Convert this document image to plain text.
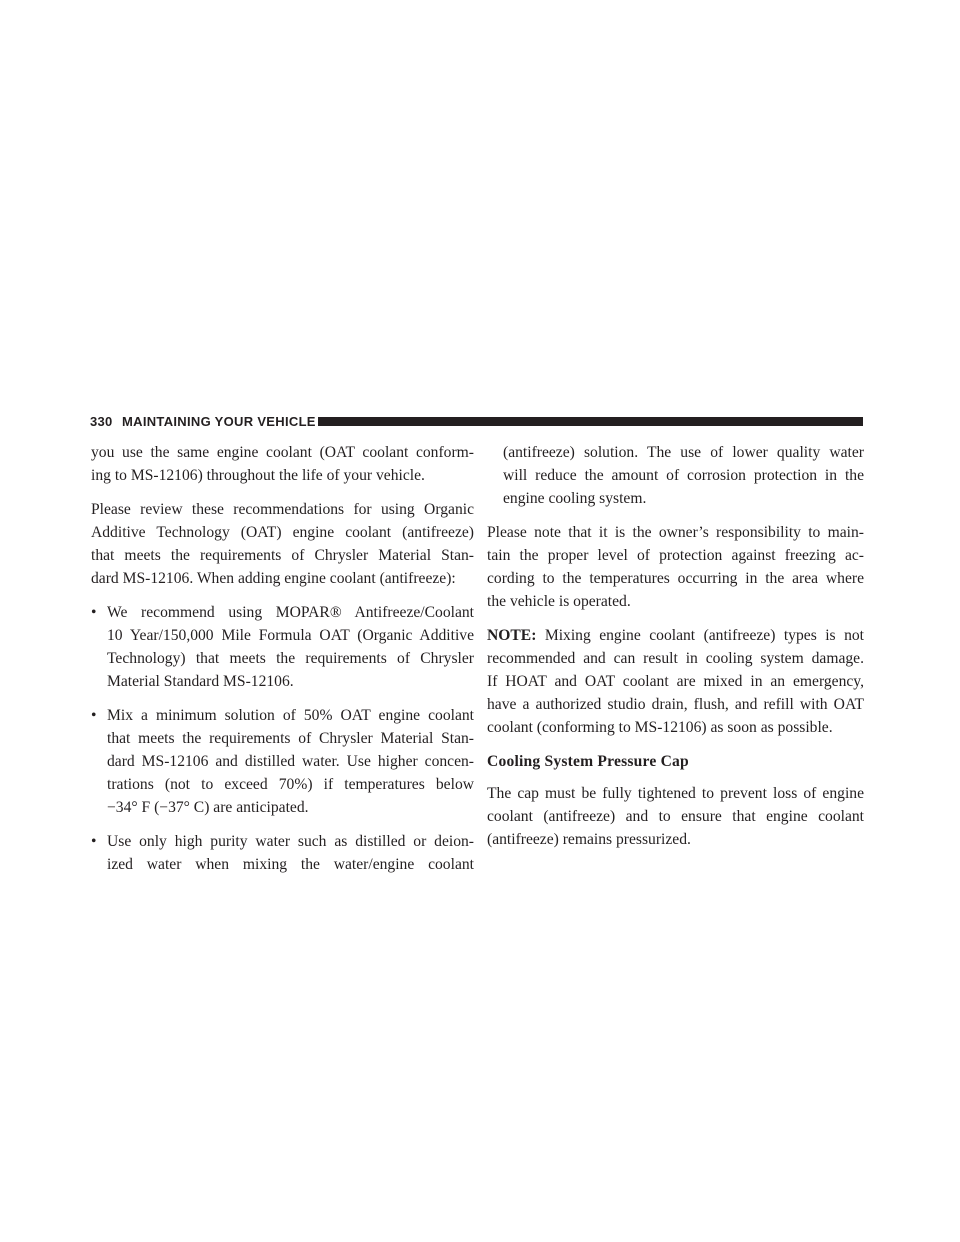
330 MAINTAINING YOUR VEHICLE

you use the same engine coolant (OAT coolant conform-
ing to MS-12106) throughout the life of your vehicle.

Please review these recommendations for using Organic
Additive Technology (OAT) engine coolant (antifreeze)
that meets the requirements of Chrysler Material Stan-
dard MS-12106. When adding engine coolant (antifreeze):

• We recommend using MOPAR® Antifreeze/Coolant
10 Year/150,000 Mile Formula OAT (Organic Additive
Technology) that meets the requirements of Chrysler
Material Standard MS-12106.
• Mix a minimum solution of 50% OAT engine coolant
that meets the requirements of Chrysler Material Stan-
dard MS-12106 and distilled water. Use higher concen-
trations (not to exceed 70%) if temperatures below
−34° F (−37° C) are anticipated.
• Use only high purity water such as distilled or deion-
ized water when mixing the water/engine coolant
(antifreeze) solution. The use of lower quality water
will reduce the amount of corrosion protection in the
engine cooling system.

Please note that it is the owner’s responsibility to main-
tain the proper level of protection against freezing ac-
cording to the temperatures occurring in the area where
the vehicle is operated.

NOTE: Mixing engine coolant (antifreeze) types is not
recommended and can result in cooling system damage.
If HOAT and OAT coolant are mixed in an emergency,
have a authorized studio drain, flush, and refill with OAT
coolant (conforming to MS-12106) as soon as possible.

Cooling System Pressure Cap

The cap must be fully tightened to prevent loss of engine
coolant (antifreeze) and to ensure that engine coolant
(antifreeze) remains pressurized.
